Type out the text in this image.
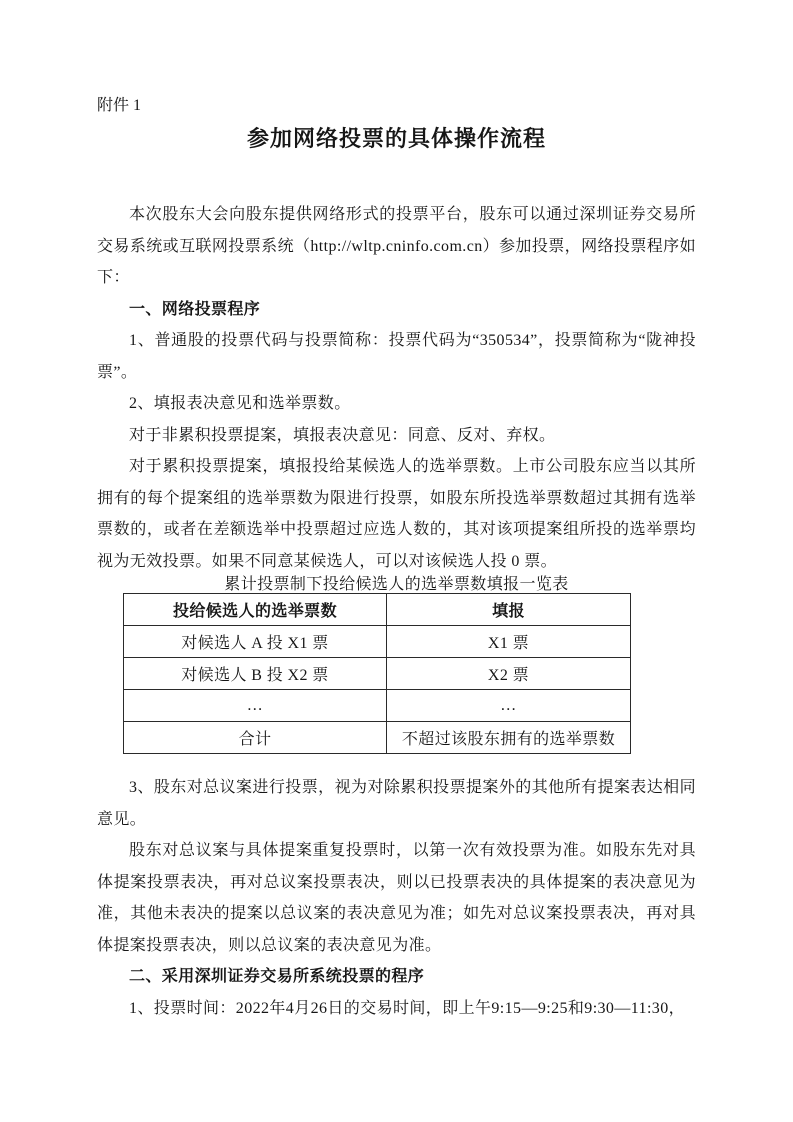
附件 1
参加网络投票的具体操作流程

本次股东大会向股东提供网络形式的投票平台，股东可以通过深圳证券交易所交易系统或互联网投票系统（http://wltp.cninfo.com.cn）参加投票，网络投票程序如下：

一、网络投票程序

1、普通股的投票代码与投票简称：投票代码为“350534”，投票简称为“陇神投票”。

2、填报表决意见和选举票数。

对于非累积投票提案，填报表决意见：同意、反对、弃权。

对于累积投票提案，填报投给某候选人的选举票数。上市公司股东应当以其所拥有的每个提案组的选举票数为限进行投票，如股东所投选举票数超过其拥有选举票数的，或者在差额选举中投票超过应选人数的，其对该项提案组所投的选举票均视为无效投票。如果不同意某候选人，可以对该候选人投 0 票。

累计投票制下投给候选人的选举票数填报一览表
投给候选人的选举票数	填报
对候选人 A 投 X1 票	X1 票
对候选人 B 投 X2 票	X2 票
…	…
合计	不超过该股东拥有的选举票数

3、股东对总议案进行投票，视为对除累积投票提案外的其他所有提案表达相同意见。

股东对总议案与具体提案重复投票时，以第一次有效投票为准。如股东先对具体提案投票表决，再对总议案投票表决，则以已投票表决的具体提案的表决意见为准，其他未表决的提案以总议案的表决意见为准；如先对总议案投票表决，再对具体提案投票表决，则以总议案的表决意见为准。

二、采用深圳证券交易所系统投票的程序

1、投票时间：2022年4月26日的交易时间，即上午9:15—9:25和9:30—11:30，
